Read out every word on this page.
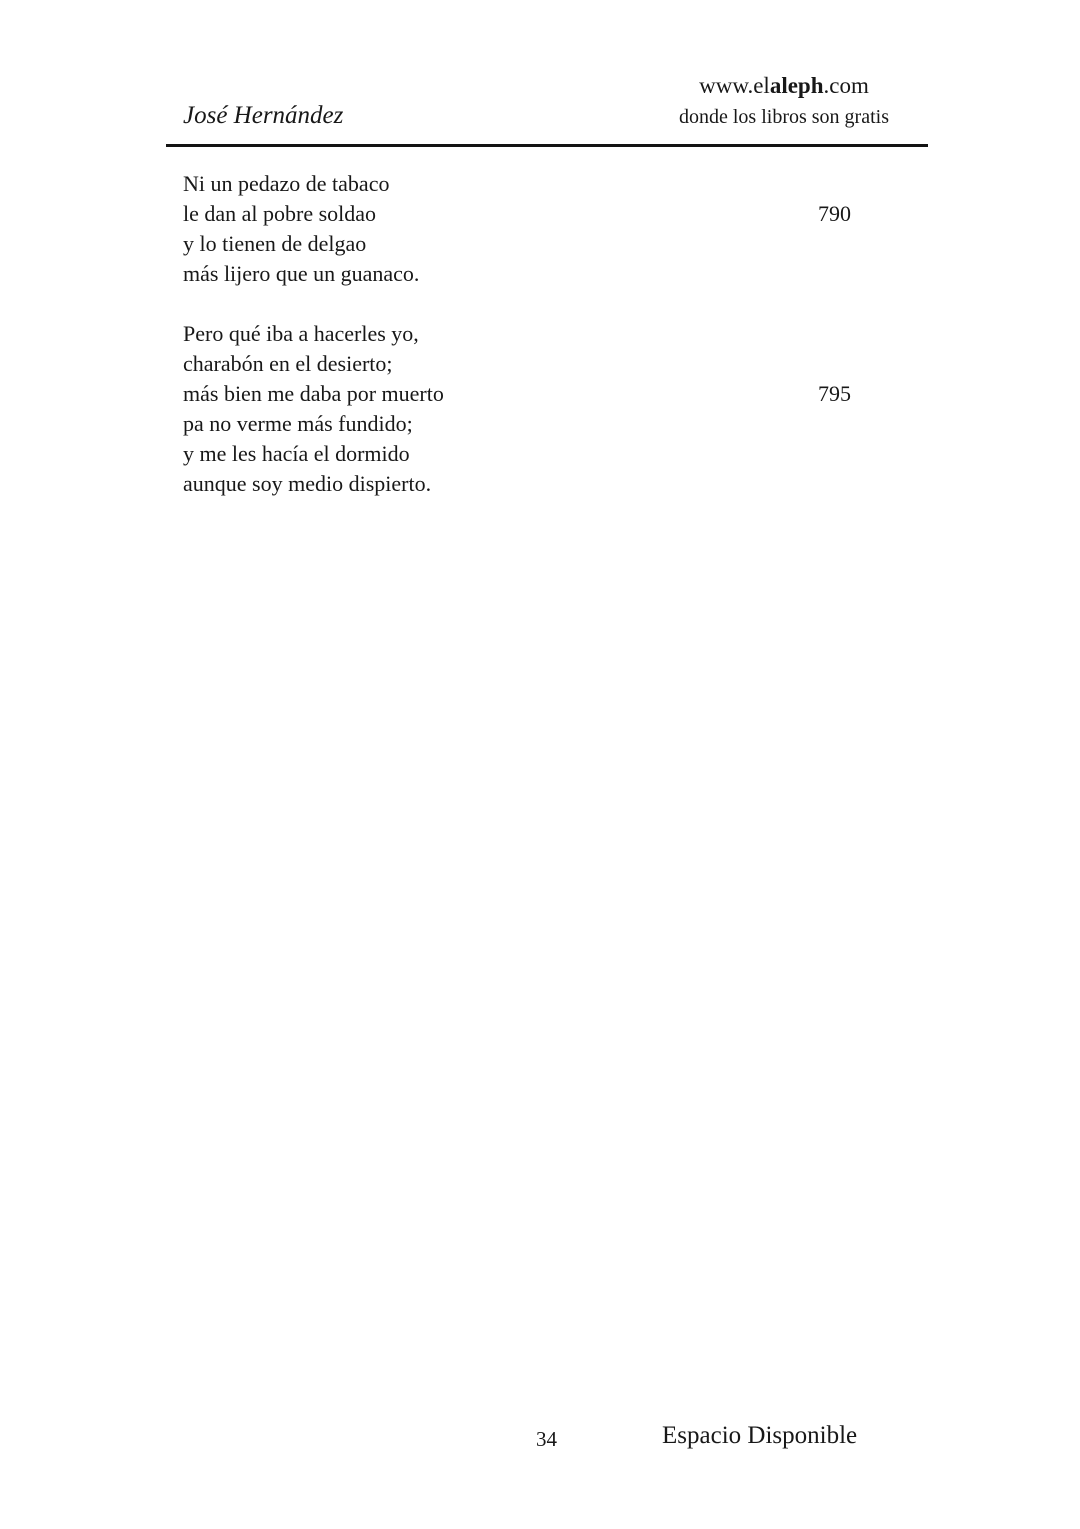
José Hernández
www.elaleph.com
donde los libros son gratis
Ni un pedazo de tabaco
le dan al pobre soldao	790
y lo tienen de delgao
más lijero que un guanaco.
Pero qué iba a hacerles yo,
charabón en el desierto;
más bien me daba por muerto	795
pa no verme más fundido;
y me les hacía el dormido
aunque soy medio dispierto.
34	Espacio Disponible
